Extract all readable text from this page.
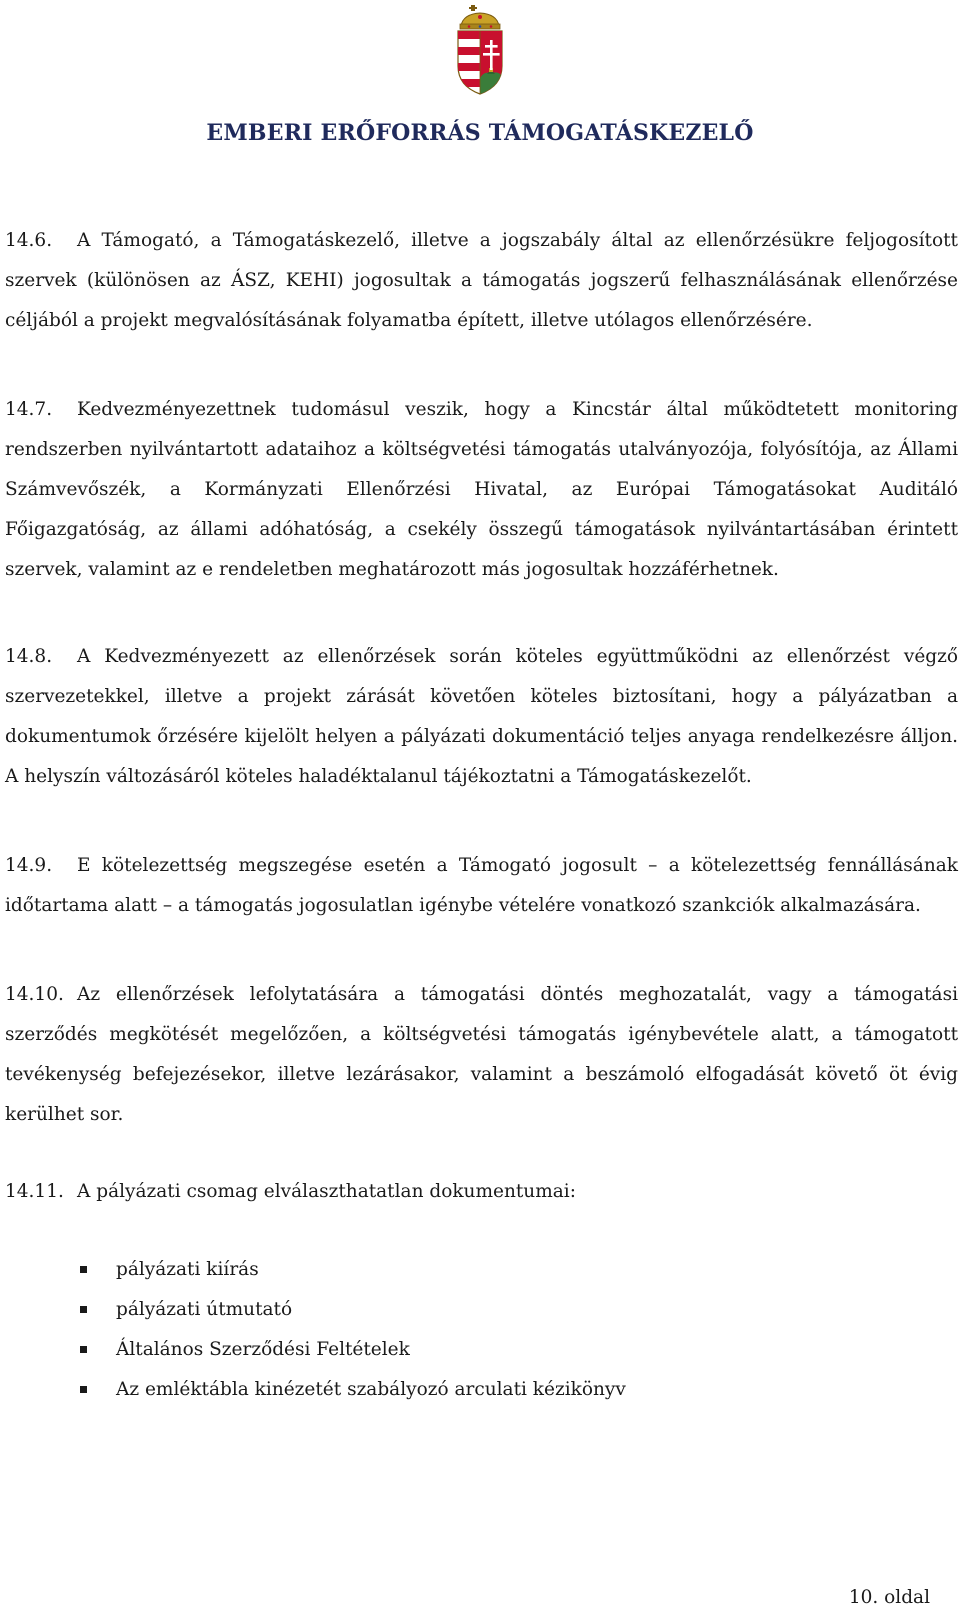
EMBERI ERŐFORRÁS TÁMOGATÁSKEZELŐ

14.6. A Támogató, a Támogatáskezelő, illetve a jogszabály által az ellenőrzésükre feljogosított szervek (különösen az ÁSZ, KEHI) jogosultak a támogatás jogszerű felhasználásának ellenőrzése céljából a projekt megvalósításának folyamatba épített, illetve utólagos ellenőrzésére.

14.7. Kedvezményezettnek tudomásul veszik, hogy a Kincstár által működtetett monitoring rendszerben nyilvántartott adataihoz a költségvetési támogatás utalványozója, folyósítója, az Állami Számvevőszék, a Kormányzati Ellenőrzési Hivatal, az Európai Támogatásokat Auditáló Főigazgatóság, az állami adóhatóság, a csekély összegű támogatások nyilvántartásában érintett szervek, valamint az e rendeletben meghatározott más jogosultak hozzáférhetnek.

14.8. A Kedvezményezett az ellenőrzések során köteles együttműködni az ellenőrzést végző szervezetekkel, illetve a projekt zárását követően köteles biztosítani, hogy a pályázatban a dokumentumok őrzésére kijelölt helyen a pályázati dokumentáció teljes anyaga rendelkezésre álljon. A helyszín változásáról köteles haladéktalanul tájékoztatni a Támogatáskezelőt.

14.9. E kötelezettség megszegése esetén a Támogató jogosult – a kötelezettség fennállásának időtartama alatt – a támogatás jogosulatlan igénybe vételére vonatkozó szankciók alkalmazására.

14.10. Az ellenőrzések lefolytatására a támogatási döntés meghozatalát, vagy a támogatási szerződés megkötését megelőzően, a költségvetési támogatás igénybevétele alatt, a támogatott tevékenység befejezésekor, illetve lezárásakor, valamint a beszámoló elfogadását követő öt évig kerülhet sor.

14.11. A pályázati csomag elválaszthatatlan dokumentumai:

pályázati kiírás
pályázati útmutató
Általános Szerződési Feltételek
Az emléktábla kinézetét szabályozó arculati kézikönyv
10. oldal
